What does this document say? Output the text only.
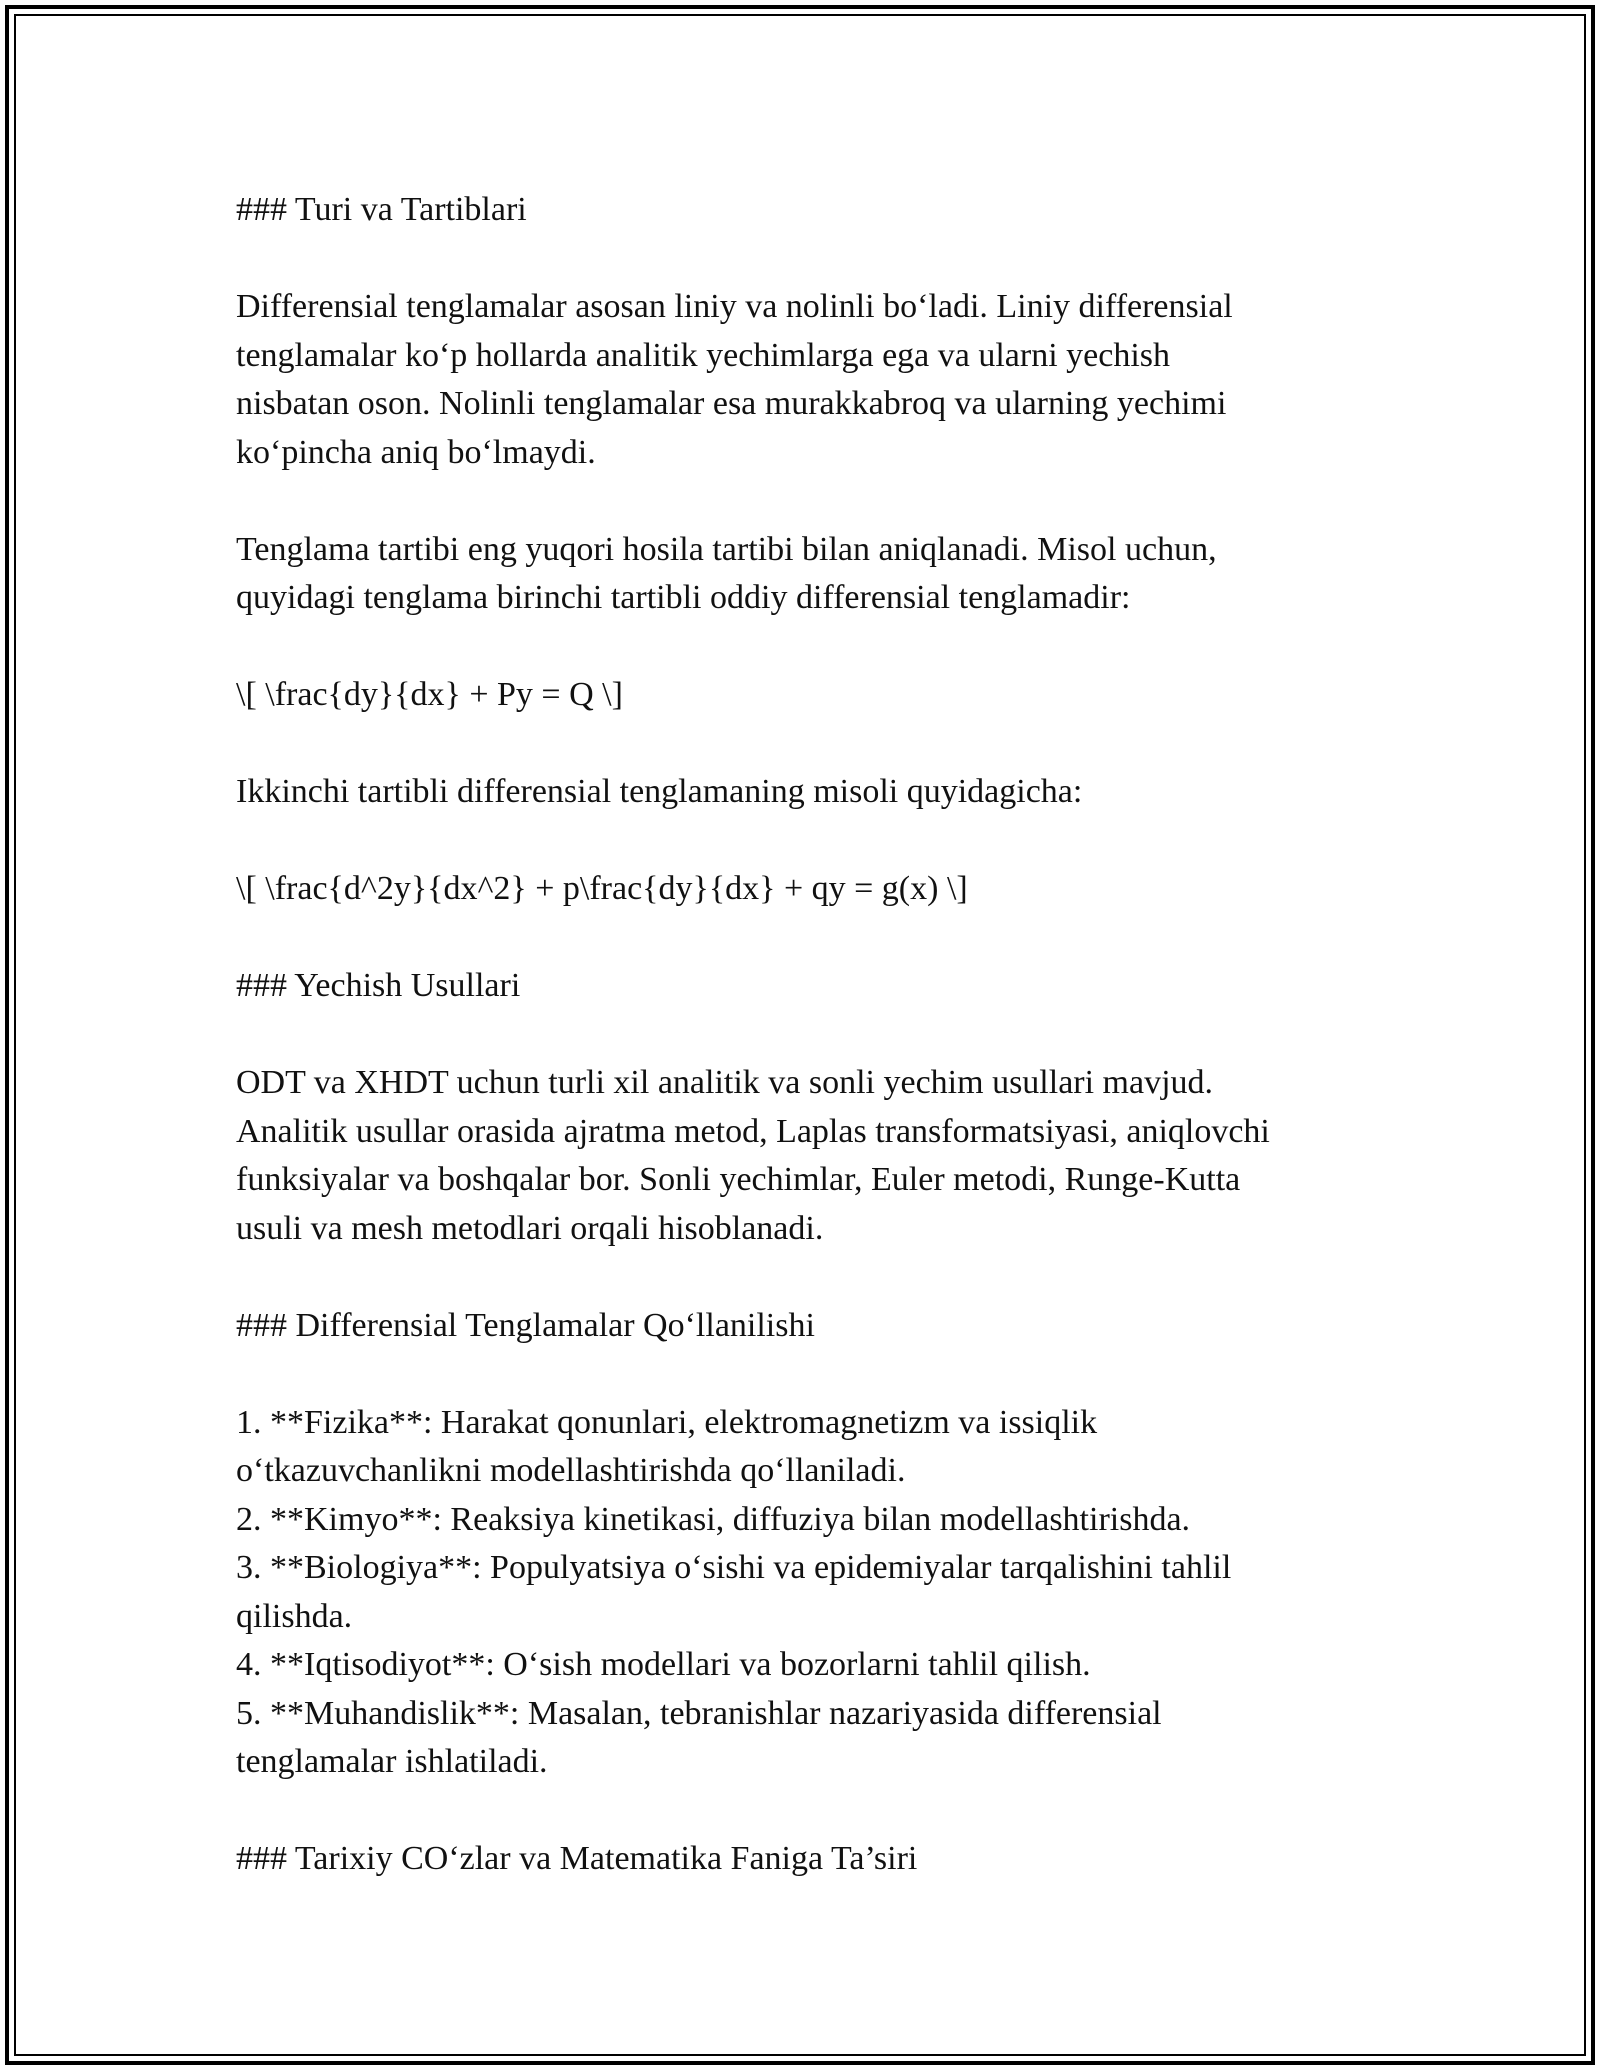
### Turi va Tartiblari
Differensial tenglamalar asosan liniy va nolinli bo‘ladi. Liniy differensial
tenglamalar ko‘p hollarda analitik yechimlarga ega va ularni yechish
nisbatan oson. Nolinli tenglamalar esa murakkabroq va ularning yechimi
ko‘pincha aniq bo‘lmaydi.
Tenglama tartibi eng yuqori hosila tartibi bilan aniqlanadi. Misol uchun,
quyidagi tenglama birinchi tartibli oddiy differensial tenglamadir:
\[ \frac{dy}{dx} + Py = Q \]
Ikkinchi tartibli differensial tenglamaning misoli quyidagicha:
\[ \frac{d^2y}{dx^2} + p\frac{dy}{dx} + qy = g(x) \]
### Yechish Usullari
ODT va XHDT uchun turli xil analitik va sonli yechim usullari mavjud.
Analitik usullar orasida ajratma metod, Laplas transformatsiyasi, aniqlovchi
funksiyalar va boshqalar bor. Sonli yechimlar, Euler metodi, Runge-Kutta
usuli va mesh metodlari orqali hisoblanadi.
### Differensial Tenglamalar Qo‘llanilishi
1. **Fizika**: Harakat qonunlari, elektromagnetizm va issiqlik
o‘tkazuvchanlikni modellashtirishda qo‘llaniladi.
2. **Kimyo**: Reaksiya kinetikasi, diffuziya bilan modellashtirishda.
3. **Biologiya**: Populyatsiya o‘sishi va epidemiyalar tarqalishini tahlil
qilishda.
4. **Iqtisodiyot**: O‘sish modellari va bozorlarni tahlil qilish.
5. **Muhandislik**: Masalan, tebranishlar nazariyasida differensial
tenglamalar ishlatiladi.
### Tarixiy CO‘zlar va Matematika Faniga Ta’siri
